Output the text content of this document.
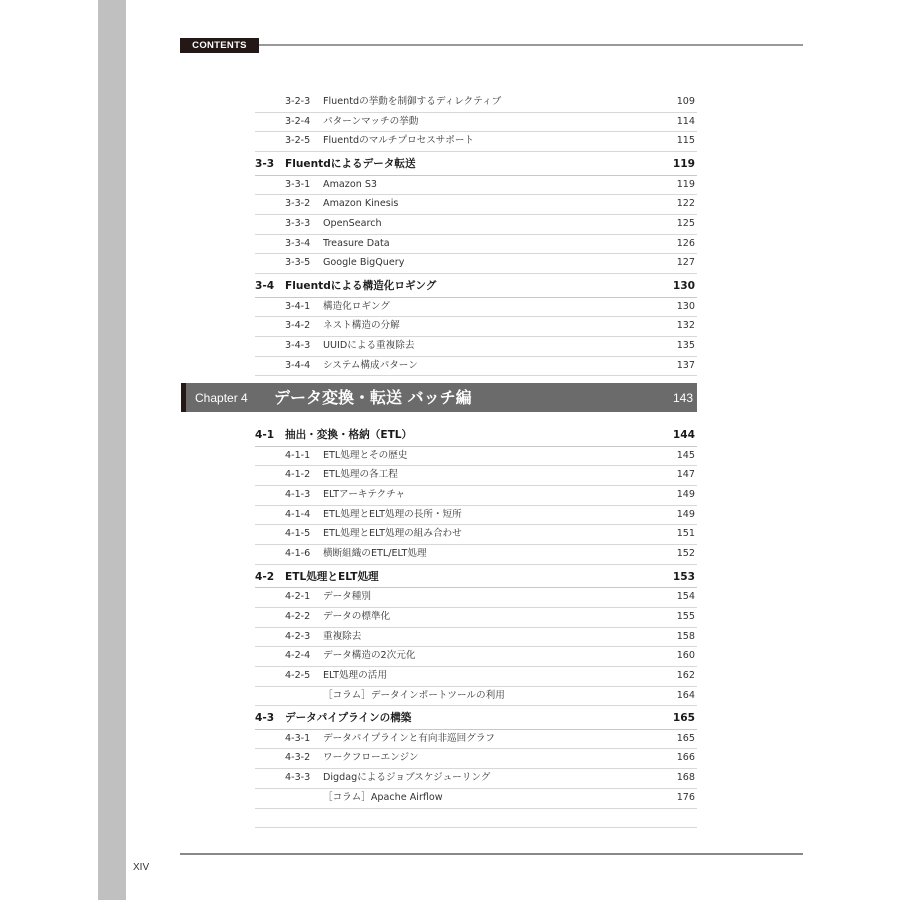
CONTENTS
3-2-3 Fluentdの挙動を制御するディレクティブ	109
3-2-4 パターンマッチの挙動	114
3-2-5 Fluentdのマルチプロセスサポート	115
3-3 Fluentdによるデータ転送	119
3-3-1 Amazon S3	119
3-3-2 Amazon Kinesis	122
3-3-3 OpenSearch	125
3-3-4 Treasure Data	126
3-3-5 Google BigQuery	127
3-4 Fluentdによる構造化ロギング	130
3-4-1 構造化ロギング	130
3-4-2 ネスト構造の分解	132
3-4-3 UUIDによる重複除去	135
3-4-4 システム構成パターン	137
Chapter 4 データ変換・転送 バッチ編	143
4-1 抽出・変換・格納（ETL）	144
4-1-1 ETL処理とその歴史	145
4-1-2 ETL処理の各工程	147
4-1-3 ELTアーキテクチャ	149
4-1-4 ETL処理とELT処理の長所・短所	149
4-1-5 ETL処理とELT処理の組み合わせ	151
4-1-6 横断組織のETL/ELT処理	152
4-2 ETL処理とELT処理	153
4-2-1 データ種別	154
4-2-2 データの標準化	155
4-2-3 重複除去	158
4-2-4 データ構造の2次元化	160
4-2-5 ELT処理の活用	162
［コラム］データインポートツールの利用	164
4-3 データパイプラインの構築	165
4-3-1 データパイプラインと有向非巡回グラフ	165
4-3-2 ワークフローエンジン	166
4-3-3 Digdagによるジョブスケジューリング	168
［コラム］Apache Airflow	176
XIV
